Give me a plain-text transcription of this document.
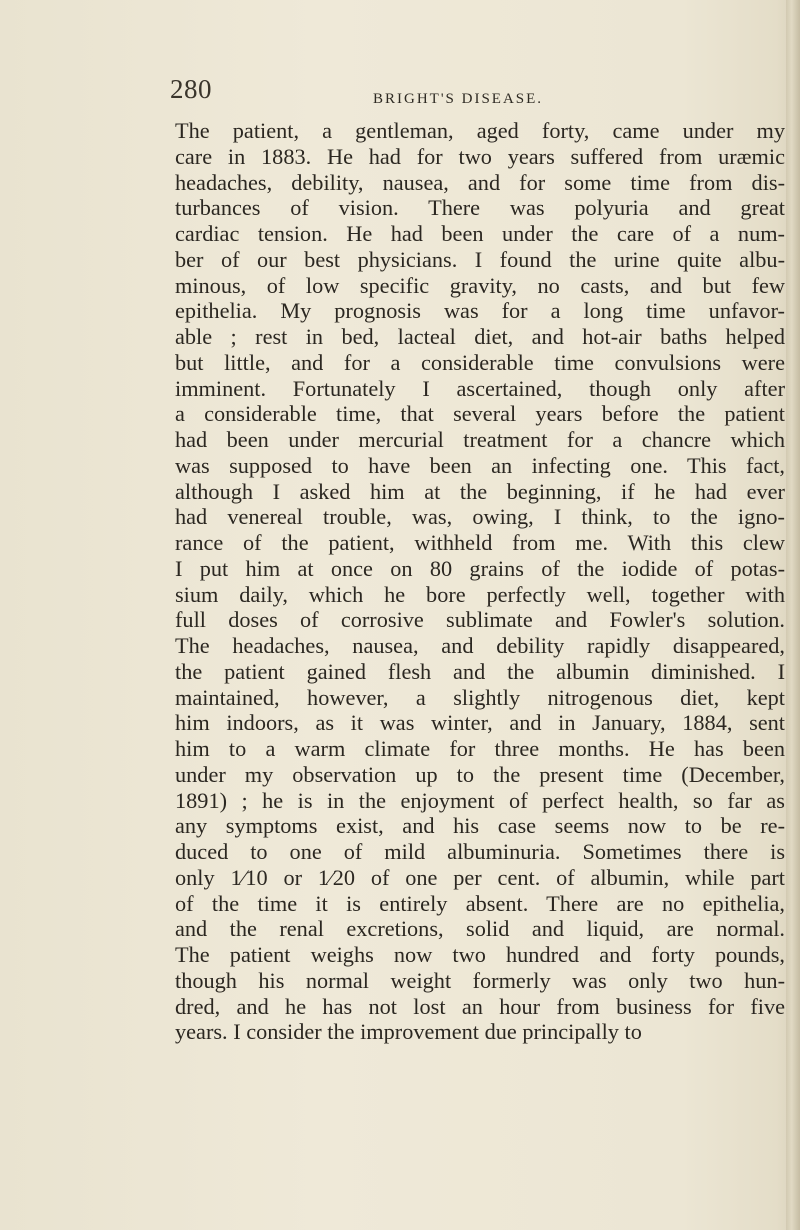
280	BRIGHT'S DISEASE.
The patient, a gentleman, aged forty, came under my
care in 1883. He had for two years suffered from uræmic
headaches, debility, nausea, and for some time from dis-
turbances of vision. There was polyuria and great
cardiac tension. He had been under the care of a num-
ber of our best physicians. I found the urine quite albu-
minous, of low specific gravity, no casts, and but few
epithelia. My prognosis was for a long time unfavor-
able ; rest in bed, lacteal diet, and hot-air baths helped
but little, and for a considerable time convulsions were
imminent. Fortunately I ascertained, though only after
a considerable time, that several years before the patient
had been under mercurial treatment for a chancre which
was supposed to have been an infecting one. This fact,
although I asked him at the beginning, if he had ever
had venereal trouble, was, owing, I think, to the igno-
rance of the patient, withheld from me. With this clew
I put him at once on 80 grains of the iodide of potas-
sium daily, which he bore perfectly well, together with
full doses of corrosive sublimate and Fowler's solution.
The headaches, nausea, and debility rapidly disappeared,
the patient gained flesh and the albumin diminished. I
maintained, however, a slightly nitrogenous diet, kept
him indoors, as it was winter, and in January, 1884, sent
him to a warm climate for three months. He has been
under my observation up to the present time (December,
1891) ; he is in the enjoyment of perfect health, so far as
any symptoms exist, and his case seems now to be re-
duced to one of mild albuminuria. Sometimes there is
only 1⁄10 or 1⁄20 of one per cent. of albumin, while part
of the time it is entirely absent. There are no epithelia,
and the renal excretions, solid and liquid, are normal.
The patient weighs now two hundred and forty pounds,
though his normal weight formerly was only two hun-
dred, and he has not lost an hour from business for five
years. I consider the improvement due principally to
